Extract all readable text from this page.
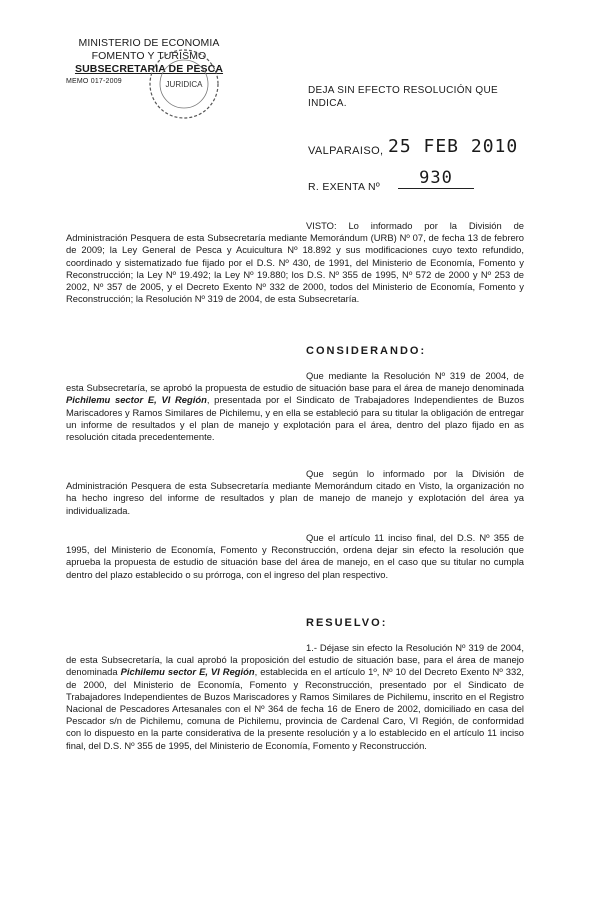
MINISTERIO DE ECONOMIA
FOMENTO Y TURISMO
SUBSECRETARIA DE PESCA
MEMO 017-2009	JURIDICA
DEJA SIN EFECTO RESOLUCIÓN QUE INDICA.
VALPARAISO, 25 FEB 2010
R. EXENTA Nº	930
VISTO: Lo informado por la División de Administración Pesquera de esta Subsecretaría mediante Memorándum (URB) Nº 07, de fecha 13 de febrero de 2009; la Ley General de Pesca y Acuicultura Nº 18.892 y sus modificaciones cuyo texto refundido, coordinado y sistematizado fue fijado por el D.S. Nº 430, de 1991, del Ministerio de Economía, Fomento y Reconstrucción; la Ley Nº 19.492; la Ley Nº 19.880; los D.S. Nº 355 de 1995, Nº 572 de 2000 y Nº 253 de 2002, Nº 357 de 2005, y el Decreto Exento Nº 332 de 2000, todos del Ministerio de Economía, Fomento y Reconstrucción; la Resolución Nº 319 de 2004, de esta Subsecretaría.
CONSIDERANDO:
Que mediante la Resolución Nº 319 de 2004, de esta Subsecretaría, se aprobó la propuesta de estudio de situación base para el área de manejo denominada Pichilemu sector E, VI Región, presentada por el Sindicato de Trabajadores Independientes de Buzos Mariscadores y Ramos Similares de Pichilemu, y en ella se estableció para su titular la obligación de entregar un informe de resultados y el plan de manejo y explotación para el área, dentro del plazo fijado en as resolución citada precedentemente.
Que según lo informado por la División de Administración Pesquera de esta Subsecretaría mediante Memorándum citado en Visto, la organización no ha hecho ingreso del informe de resultados y plan de manejo de manejo y explotación del área ya individualizada.
Que el artículo 11 inciso final, del D.S. Nº 355 de 1995, del Ministerio de Economía, Fomento y Reconstrucción, ordena dejar sin efecto la resolución que aprueba la propuesta de estudio de situación base del área de manejo, en el caso que su titular no cumpla dentro del plazo establecido o su prórroga, con el ingreso del plan respectivo.
RESUELVO:
1.- Déjase sin efecto la Resolución Nº 319 de 2004, de esta Subsecretaría, la cual aprobó la proposición del estudio de situación base, para el área de manejo denominada Pichilemu sector E, VI Región, establecida en el artículo 1º, Nº 10 del Decreto Exento Nº 332, de 2000, del Ministerio de Economía, Fomento y Reconstrucción, presentado por el Sindicato de Trabajadores Independientes de Buzos Mariscadores y Ramos Similares de Pichilemu, inscrito en el Registro Nacional de Pescadores Artesanales con el Nº 364 de fecha 16 de Enero de 2002, domiciliado en casa del Pescador s/n de Pichilemu, comuna de Pichilemu, provincia de Cardenal Caro, VI Región, de conformidad con lo dispuesto en la parte considerativa de la presente resolución y a lo establecido en el artículo 11 inciso final, del D.S. Nº 355 de 1995, del Ministerio de Economía, Fomento y Reconstrucción.
